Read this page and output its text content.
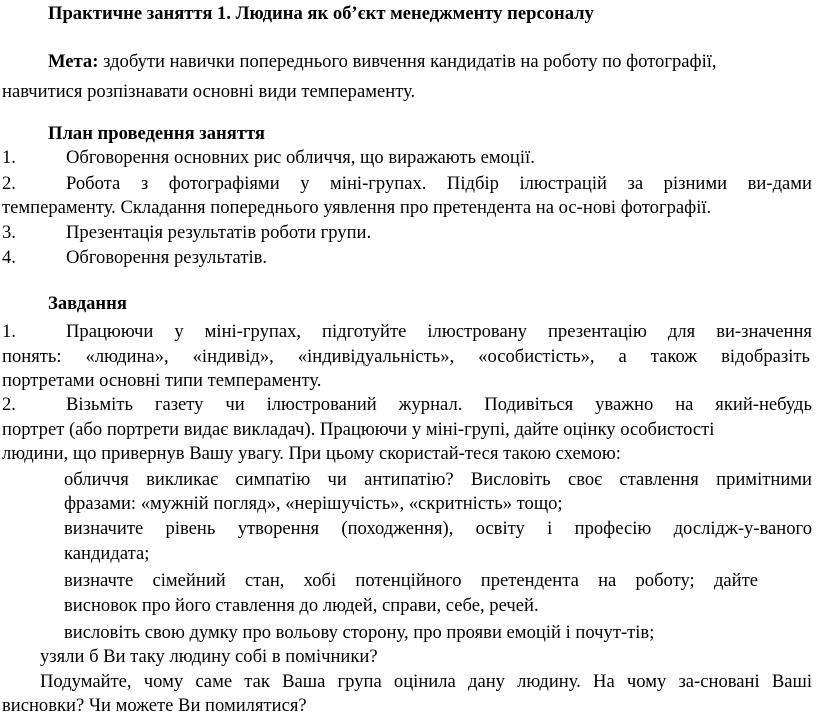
Практичне заняття 1. Людина як об’єкт менеджменту персоналу
Мета: здобути навички попереднього вивчення кандидатів на роботу по фотографії,
навчитися розпізнавати основні види темпераменту.
План проведення заняття
1.	Обговорення основних рис обличчя, що виражають емоції.
2.	Робота з фотографіями у міні-групах. Підбір ілюстрацій за різними ви-дами
темпераменту. Складання попереднього уявлення про претендента на ос-нові фотографії.
3.	Презентація результатів роботи групи.
4.	Обговорення результатів.
Завдання
1.	Працюючи у міні-групах, підготуйте ілюстровану презентацію для ви-значення
понять: «людина», «індивід», «індивідуальність», «особистість», а також відобразіть
портретами основні типи темпераменту.
2.	Візьміть газету чи ілюстрований журнал. Подивіться уважно на який-небудь
портрет (або портрети видає викладач). Працюючи у міні-групі, дайте оцінку особистості
людини, що привернув Вашу увагу. При цьому скористай-теся такою схемою:
обличчя викликає симпатію чи антипатію? Висловіть своє ставлення примітними
фразами: «мужній погляд», «нерішучість», «скритність» тощо;
визначите рівень утворення (походження), освіту і професію дослідж-у-ваного
кандидата;
визначте сімейний стан, хобі потенційного претендента на роботу; дайте
висновок про його ставлення до людей, справи, себе, речей.
висловіть свою думку про вольову сторону, про прояви емоцій і почут-тів;
узяли б Ви таку людину собі в помічники?
Подумайте, чому саме так Ваша група оцінила дану людину. На чому за-сновані Ваші
висновки? Чи можете Ви помилятися?
